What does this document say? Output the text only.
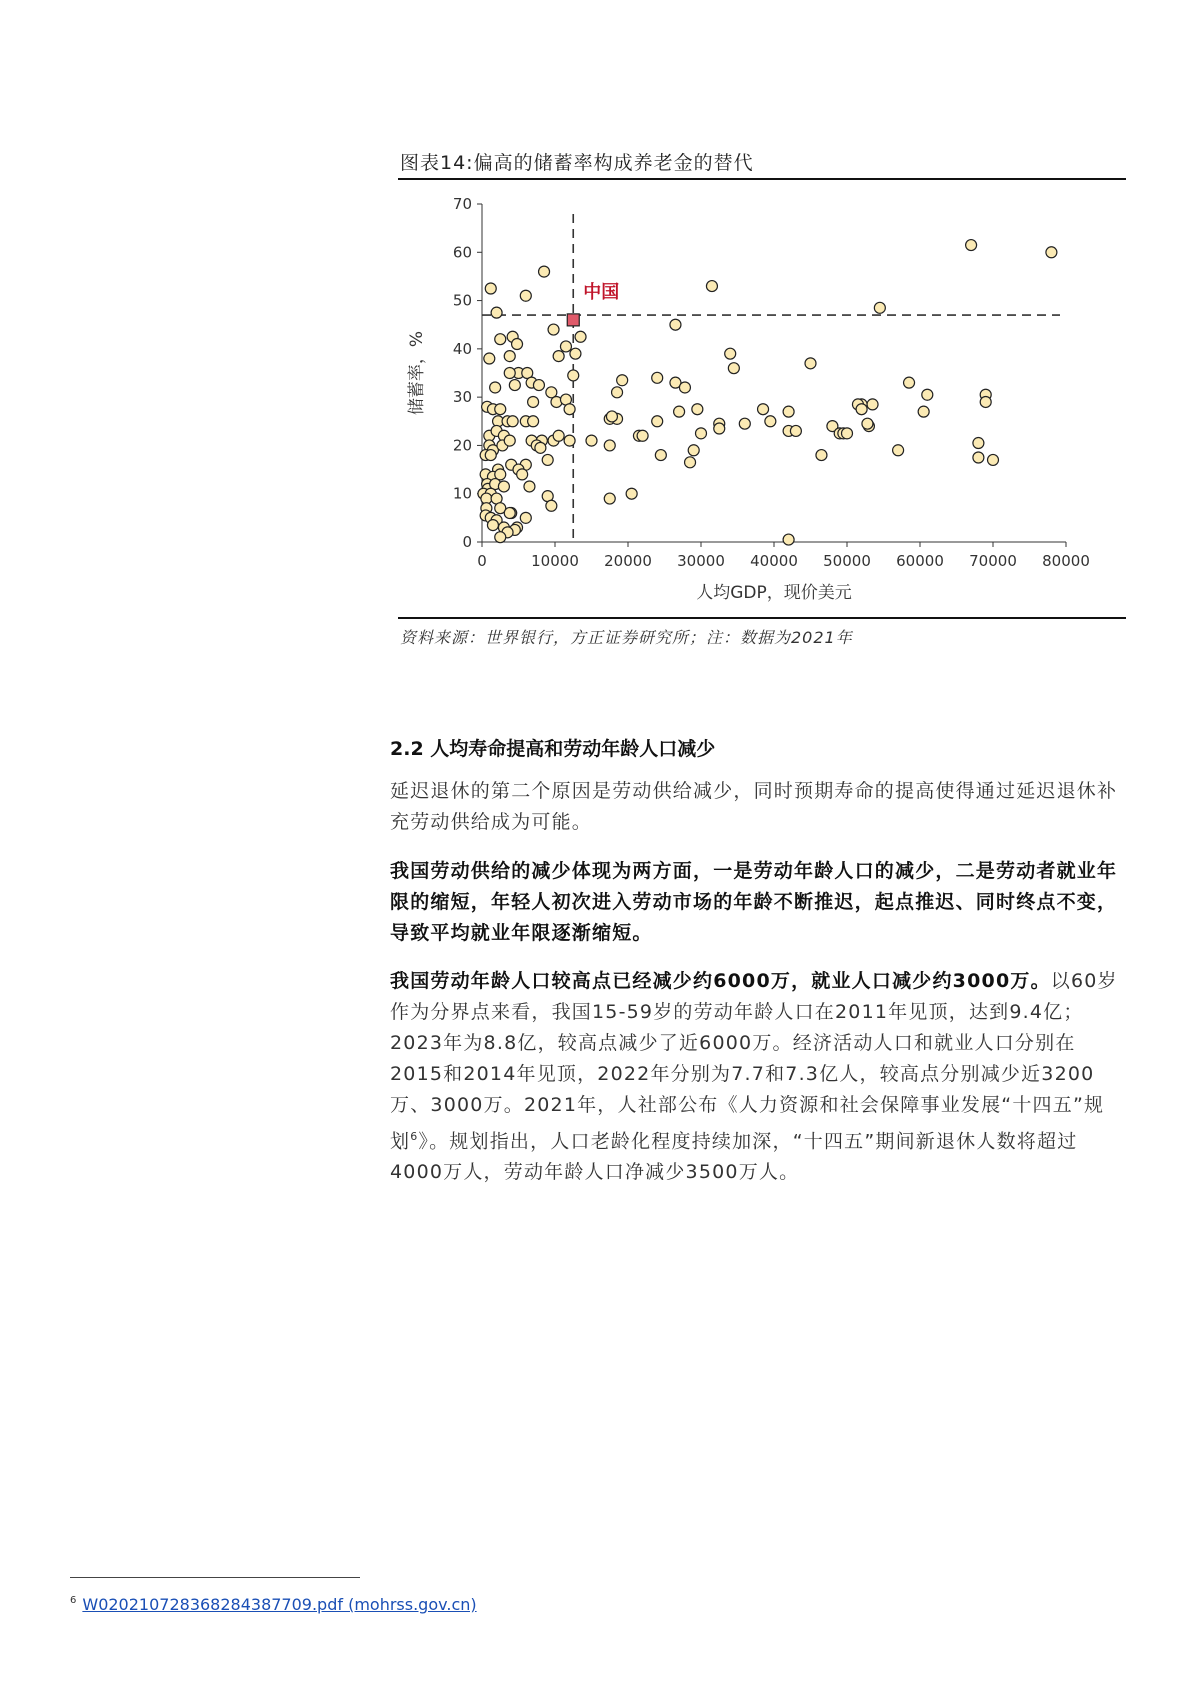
图表14:偏高的储蓄率构成养老金的替代
0
10
20
30
40
50
60
70
0	10000 20000 30000 40000 50000 60000 70000 80000
人均GDP，现价美元
储蓄率，%
中国
资料来源：世界银行，方正证券研究所；注：数据为2021年
2.2 人均寿命提高和劳动年龄人口减少
延迟退休的第二个原因是劳动供给减少，同时预期寿命的提高使得通过延迟退休补充劳动供给成为可能。
我国劳动供给的减少体现为两方面，一是劳动年龄人口的减少，二是劳动者就业年限的缩短，年轻人初次进入劳动市场的年龄不断推迟，起点推迟、同时终点不变，导致平均就业年限逐渐缩短。
我国劳动年龄人口较高点已经减少约6000万，就业人口减少约3000万。以60岁作为分界点来看，我国15-59岁的劳动年龄人口在2011年见顶，达到9.4亿；2023年为8.8亿，较高点减少了近6000万。经济活动人口和就业人口分别在2015和2014年见顶，2022年分别为7.7和7.3亿人，较高点分别减少近3200万、3000万。2021年，人社部公布《人力资源和社会保障事业发展“十四五”规划$^6$》。规划指出，人口老龄化程度持续加深，“十四五”期间新退休人数将超过4000万人，劳动年龄人口净减少3500万人。
$^6$ W020210728368284387709.pdf (mohrss.gov.cn)
